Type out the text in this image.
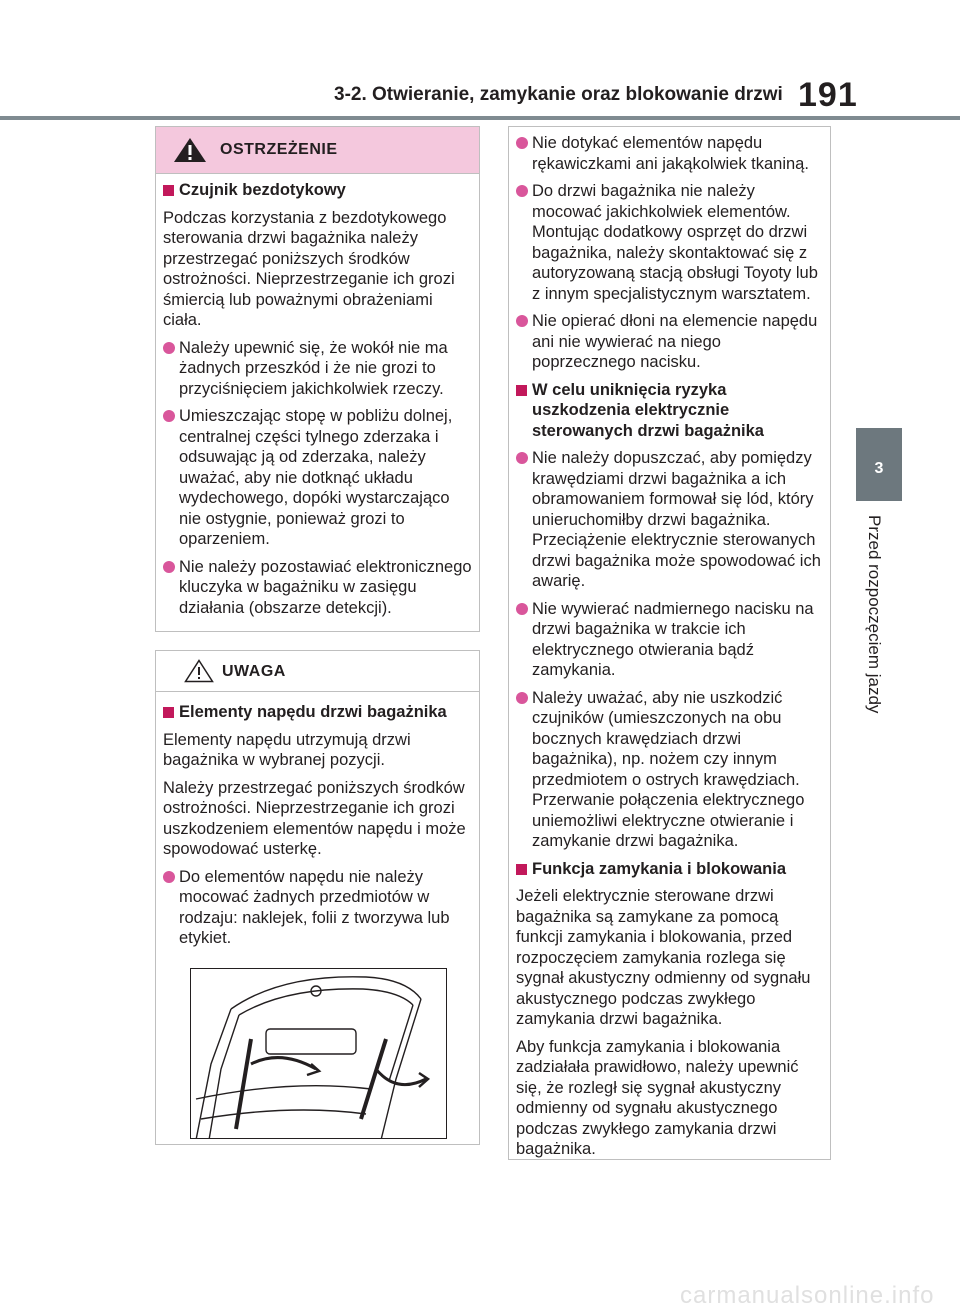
3-2. Otwieranie, zamykanie oraz blokowanie drzwi 191
3
Przed rozpoczęciem jazdy
OSTRZEŻENIE

Czujnik bezdotykowy

Podczas korzystania z bezdotykowego sterowania drzwi bagażnika należy przestrzegać poniższych środków ostrożności. Nieprzestrzeganie ich grozi śmiercią lub poważnymi obrażeniami ciała.

Należy upewnić się, że wokół nie ma żadnych przeszkód i że nie grozi to przyciśnięciem jakichkolwiek rzeczy.

Umieszczając stopę w pobliżu dolnej, centralnej części tylnego zderzaka i odsuwając ją od zderzaka, należy uważać, aby nie dotknąć układu wydechowego, dopóki wystarczająco nie ostygnie, ponieważ grozi to oparzeniem.

Nie należy pozostawiać elektronicznego kluczyka w bagażniku w zasięgu działania (obszarze detekcji).

UWAGA

Elementy napędu drzwi bagażnika

Elementy napędu utrzymują drzwi bagażnika w wybranej pozycji.

Należy przestrzegać poniższych środków ostrożności. Nieprzestrzeganie ich grozi uszkodzeniem elementów napędu i może spowodować usterkę.

Do elementów napędu nie należy mocować żadnych przedmiotów w rodzaju: naklejek, folii z tworzywa lub etykiet.

Nie dotykać elementów napędu rękawiczkami ani jakąkolwiek tkaniną.

Do drzwi bagażnika nie należy mocować jakichkolwiek elementów. Montując dodatkowy osprzęt do drzwi bagażnika, należy skontaktować się z autoryzowaną stacją obsługi Toyoty lub z innym specjalistycznym warsztatem.

Nie opierać dłoni na elemencie napędu ani nie wywierać na niego poprzecznego nacisku.

W celu uniknięcia ryzyka uszkodzenia elektrycznie sterowanych drzwi bagażnika

Nie należy dopuszczać, aby pomiędzy krawędziami drzwi bagażnika a ich obramowaniem formował się lód, który unieruchomiłby drzwi bagażnika. Przeciążenie elektrycznie sterowanych drzwi bagażnika może spowodować ich awarię.

Nie wywierać nadmiernego nacisku na drzwi bagażnika w trakcie ich elektrycznego otwierania bądź zamykania.

Należy uważać, aby nie uszkodzić czujników (umieszczonych na obu bocznych krawędziach drzwi bagażnika), np. nożem czy innym przedmiotem o ostrych krawędziach. Przerwanie połączenia elektrycznego uniemożliwi elektryczne otwieranie i zamykanie drzwi bagażnika.

Funkcja zamykania i blokowania

Jeżeli elektrycznie sterowane drzwi bagażnika są zamykane za pomocą funkcji zamykania i blokowania, przed rozpoczęciem zamykania rozlega się sygnał akustyczny odmienny od sygnału akustycznego podczas zwykłego zamykania drzwi bagażnika.

Aby funkcja zamykania i blokowania zadziałała prawidłowo, należy upewnić się, że rozległ się sygnał akustyczny odmienny od sygnału akustycznego podczas zwykłego zamykania drzwi bagażnika.

carmanualsonline.info
